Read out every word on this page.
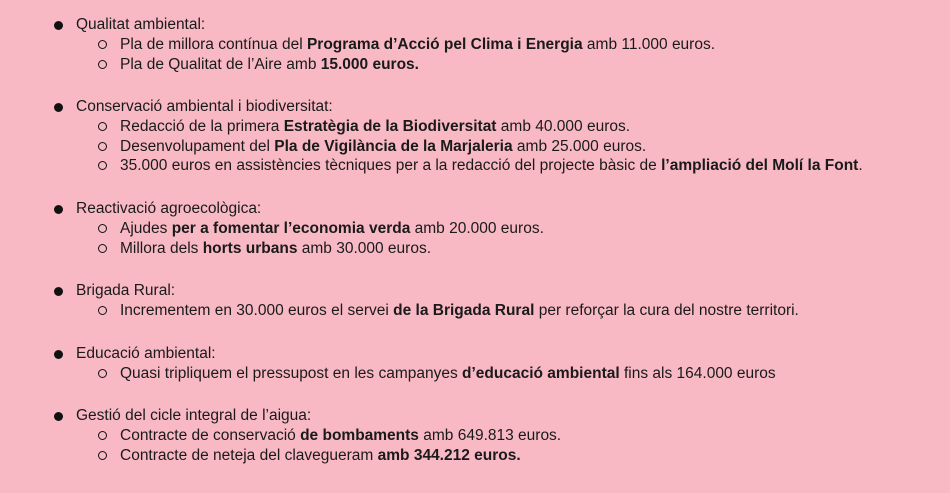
Qualitat ambiental:
Pla de millora contínua del Programa d’Acció pel Clima i Energia amb 11.000 euros.
Pla de Qualitat de l’Aire amb 15.000 euros.
Conservació ambiental i biodiversitat:
Redacció de la primera Estratègia de la Biodiversitat amb 40.000 euros.
Desenvolupament del Pla de Vigilància de la Marjaleria amb 25.000 euros.
35.000 euros en assistències tècniques per a la redacció del projecte bàsic de l’ampliació del Molí la Font.
Reactivació agroecològica:
Ajudes per a fomentar l’economia verda amb 20.000 euros.
Millora dels horts urbans amb 30.000 euros.
Brigada Rural:
Incrementem en 30.000 euros el servei de la Brigada Rural per reforçar la cura del nostre territori.
Educació ambiental:
Quasi tripliquem el pressupost en les campanyes d’educació ambiental fins als 164.000 euros
Gestió del cicle integral de l’aigua:
Contracte de conservació de bombaments amb 649.813 euros.
Contracte de neteja del clavegueram amb 344.212 euros.
